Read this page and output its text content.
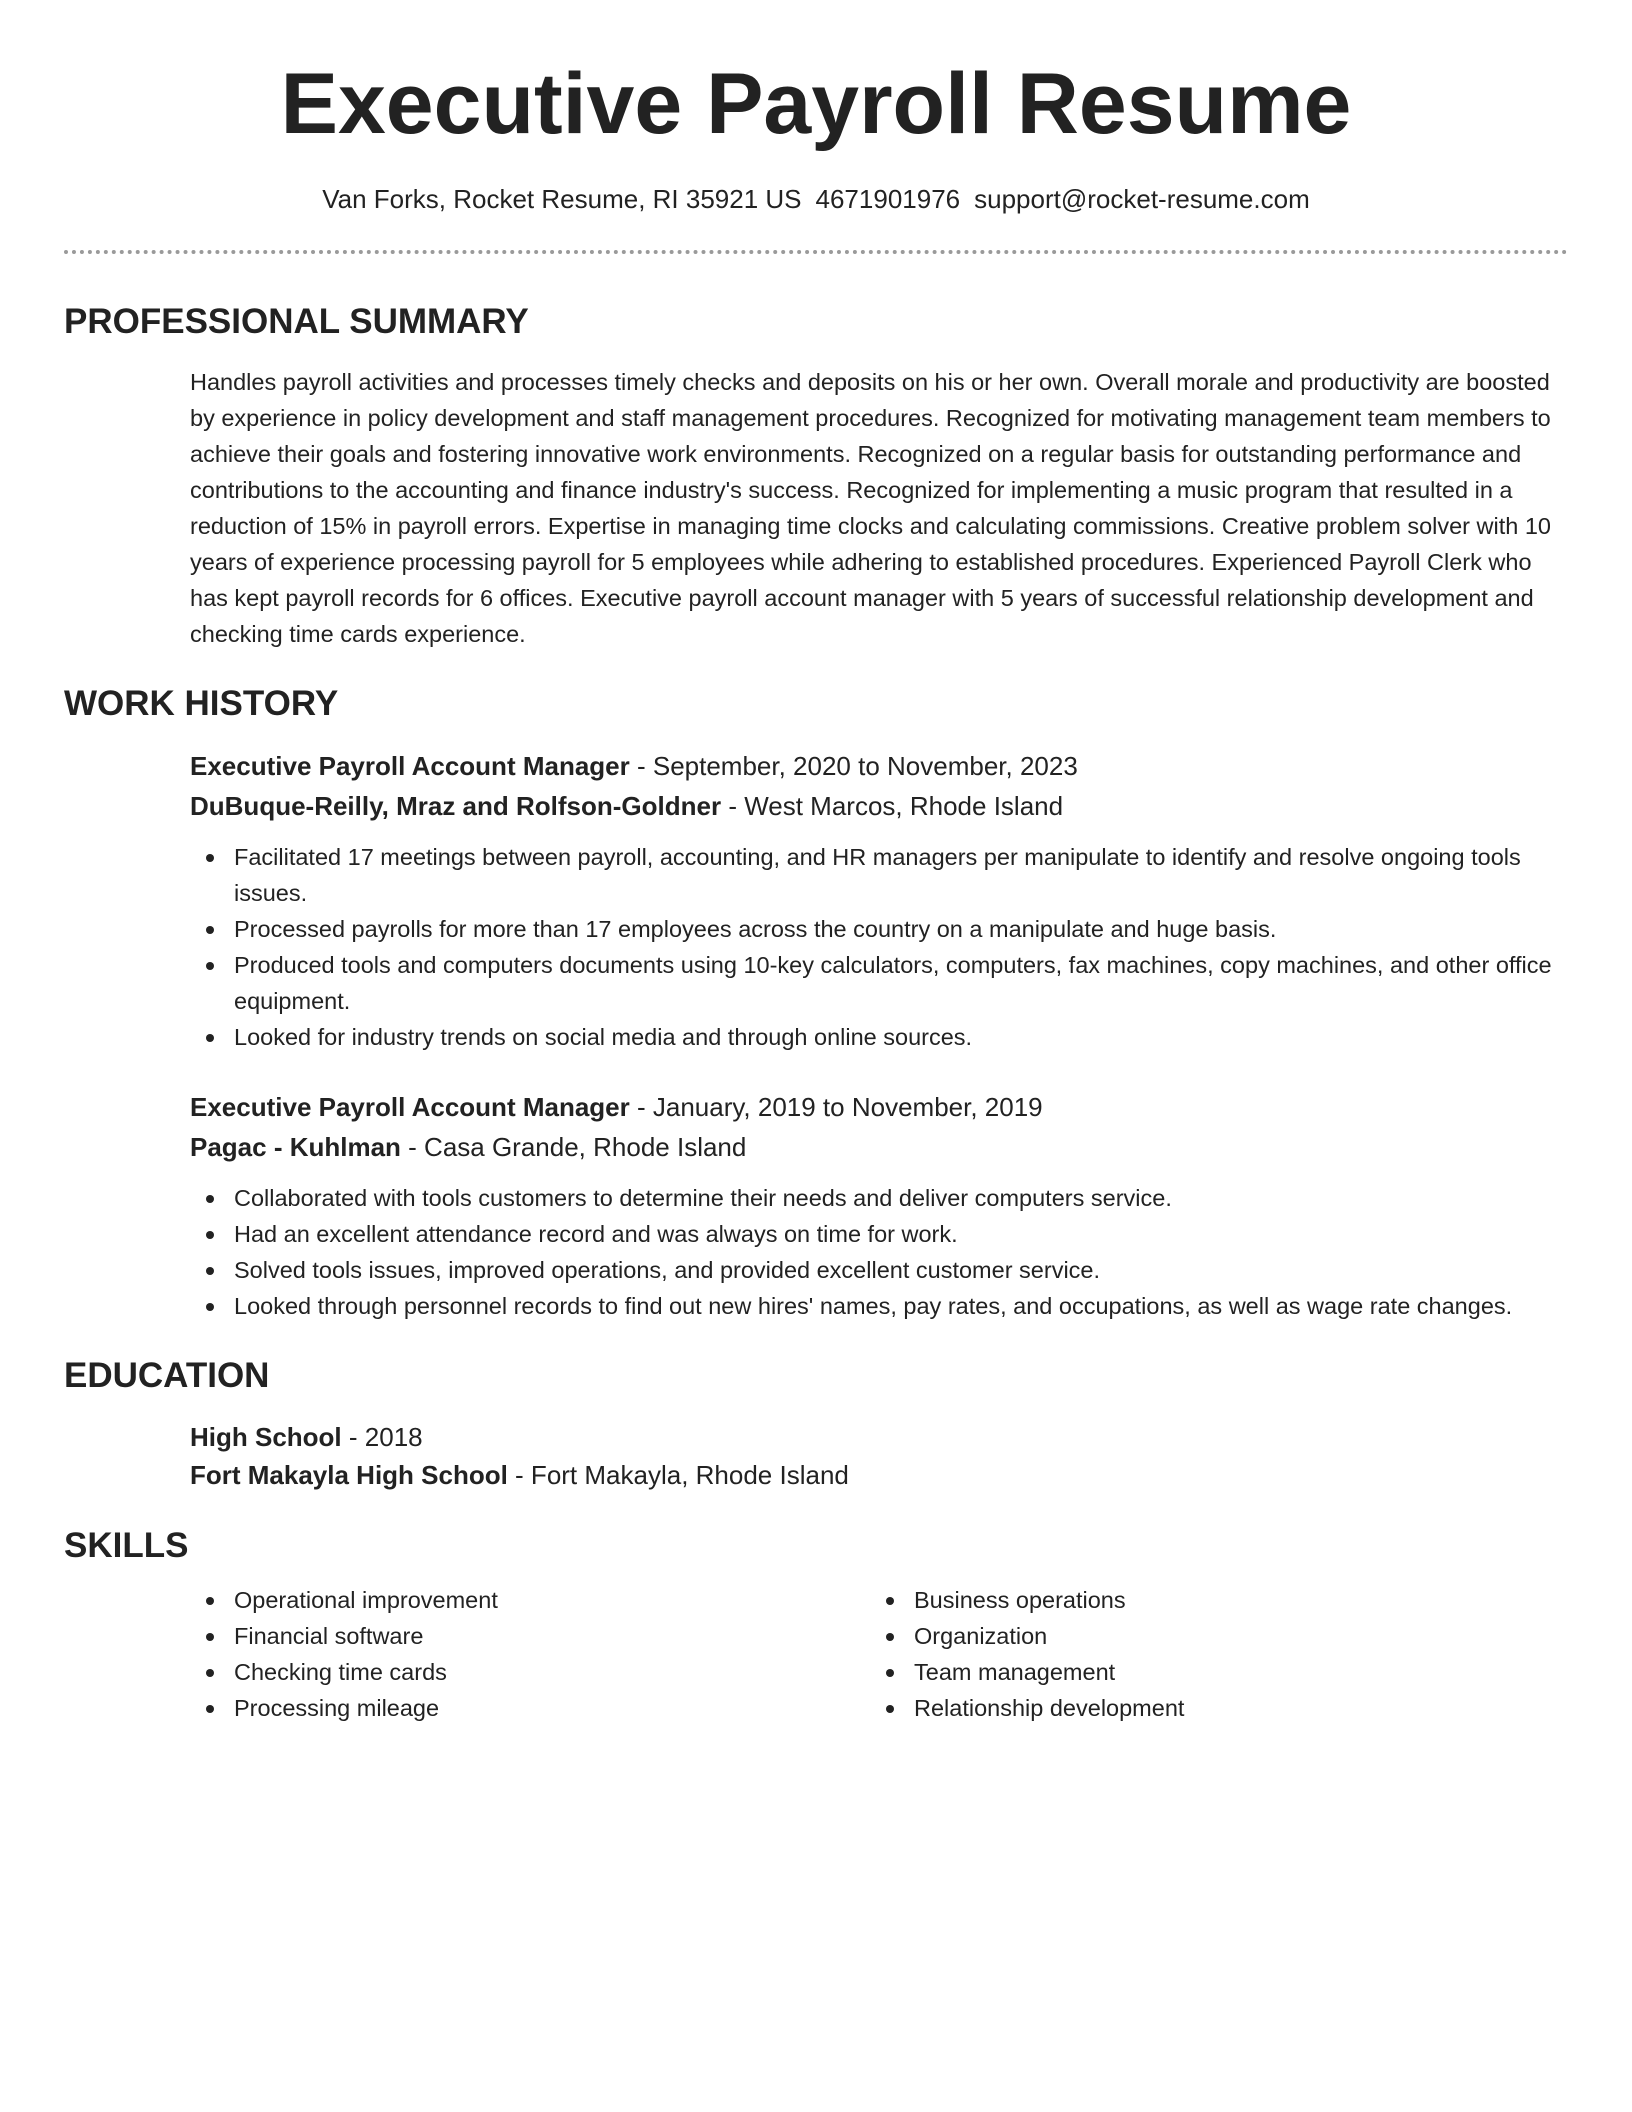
Executive Payroll Resume
Van Forks, Rocket Resume, RI 35921 US 4671901976 support@rocket-resume.com
PROFESSIONAL SUMMARY
Handles payroll activities and processes timely checks and deposits on his or her own. Overall morale and productivity are boosted by experience in policy development and staff management procedures. Recognized for motivating management team members to achieve their goals and fostering innovative work environments. Recognized on a regular basis for outstanding performance and contributions to the accounting and finance industry's success. Recognized for implementing a music program that resulted in a reduction of 15% in payroll errors. Expertise in managing time clocks and calculating commissions. Creative problem solver with 10 years of experience processing payroll for 5 employees while adhering to established procedures. Experienced Payroll Clerk who has kept payroll records for 6 offices. Executive payroll account manager with 5 years of successful relationship development and checking time cards experience.
WORK HISTORY
Executive Payroll Account Manager - September, 2020 to November, 2023
DuBuque-Reilly, Mraz and Rolfson-Goldner - West Marcos, Rhode Island
Facilitated 17 meetings between payroll, accounting, and HR managers per manipulate to identify and resolve ongoing tools issues.
Processed payrolls for more than 17 employees across the country on a manipulate and huge basis.
Produced tools and computers documents using 10-key calculators, computers, fax machines, copy machines, and other office equipment.
Looked for industry trends on social media and through online sources.
Executive Payroll Account Manager - January, 2019 to November, 2019
Pagac - Kuhlman - Casa Grande, Rhode Island
Collaborated with tools customers to determine their needs and deliver computers service.
Had an excellent attendance record and was always on time for work.
Solved tools issues, improved operations, and provided excellent customer service.
Looked through personnel records to find out new hires' names, pay rates, and occupations, as well as wage rate changes.
EDUCATION
High School - 2018
Fort Makayla High School - Fort Makayla, Rhode Island
SKILLS
Operational improvement
Financial software
Checking time cards
Processing mileage
Business operations
Organization
Team management
Relationship development
